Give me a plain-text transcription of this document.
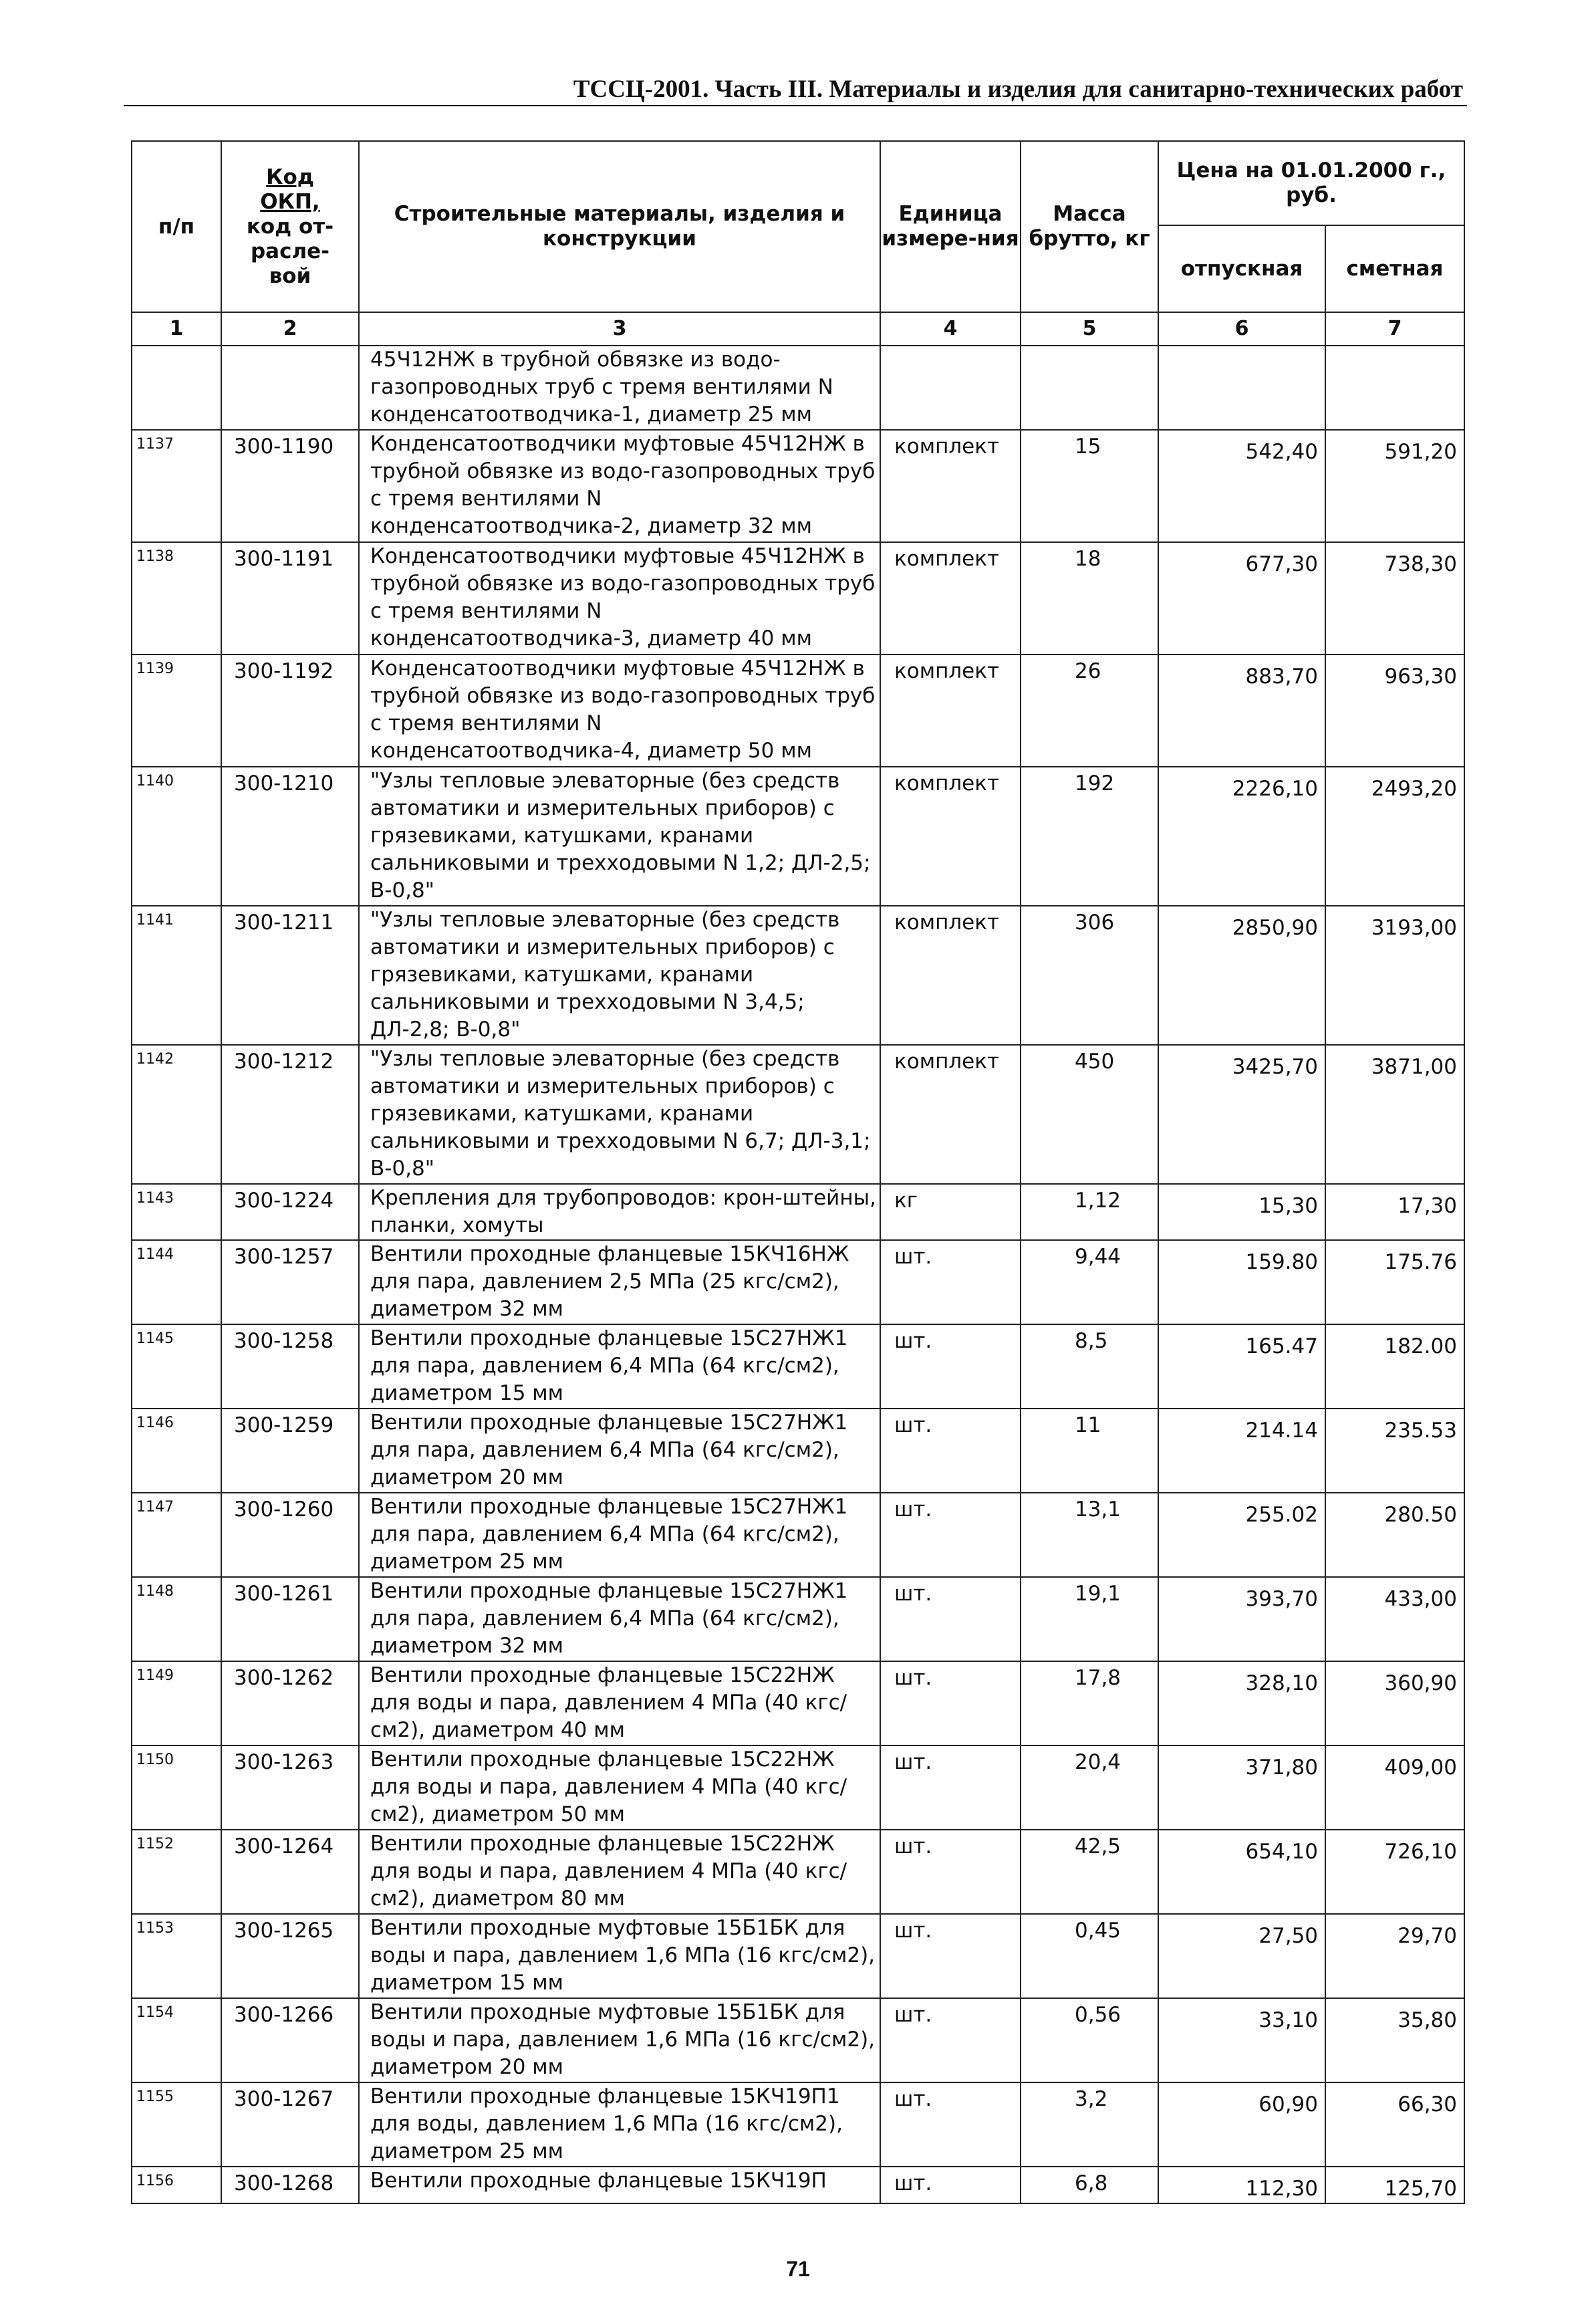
ТССЦ-2001. Часть III. Материалы и изделия для санитарно-технических работ
п/п	Код
ОКП,
код от-
расле-
вой	Строительные материалы, изделия и конструкции	Единица измере-ния	Масса брутто, кг	Цена на 01.01.2000 г., руб.	
					отпускная	сметная
1	2	3	4	5	6	7
		45Ч12НЖ в трубной обвязке из водо-газопроводных труб с тремя вентилями N конденсатоотводчика-1, диаметр 25 мм				
1137	300-1190	Конденсатоотводчики муфтовые 45Ч12НЖ в трубной обвязке из водо-газопроводных труб с тремя вентилями N конденсатоотводчика-2, диаметр 32 мм	комплект	15	542,40	591,20
1138	300-1191	Конденсатоотводчики муфтовые 45Ч12НЖ в трубной обвязке из водо-газопроводных труб с тремя вентилями N конденсатоотводчика-3, диаметр 40 мм	комплект	18	677,30	738,30
1139	300-1192	Конденсатоотводчики муфтовые 45Ч12НЖ в трубной обвязке из водо-газопроводных труб с тремя вентилями N конденсатоотводчика-4, диаметр 50 мм	комплект	26	883,70	963,30
1140	300-1210	"Узлы тепловые элеваторные (без средств автоматики и измерительных приборов) с грязевиками, катушками, кранами сальниковыми и трехходовыми N 1,2; ДЛ-2,5; В-0,8"	комплект	192	2226,10	2493,20
1141	300-1211	"Узлы тепловые элеваторные (без средств автоматики и измерительных приборов) с грязевиками, катушками, кранами сальниковыми и трехходовыми N 3,4,5; ДЛ-2,8; В-0,8"	комплект	306	2850,90	3193,00
1142	300-1212	"Узлы тепловые элеваторные (без средств автоматики и измерительных приборов) с грязевиками, катушками, кранами сальниковыми и трехходовыми N 6,7; ДЛ-3,1; В-0,8"	комплект	450	3425,70	3871,00
1143	300-1224	Крепления для трубопроводов: крон-штейны, планки, хомуты	кг	1,12	15,30	17,30
1144	300-1257	Вентили проходные фланцевые 15КЧ16НЖ для пара, давлением 2,5 МПа (25 кгс/см2), диаметром 32 мм	шт.	9,44	159.80	175.76
1145	300-1258	Вентили проходные фланцевые 15С27НЖ1 для пара, давлением 6,4 МПа (64 кгс/см2), диаметром 15 мм	шт.	8,5	165.47	182.00
1146	300-1259	Вентили проходные фланцевые 15С27НЖ1 для пара, давлением 6,4 МПа (64 кгс/см2), диаметром 20 мм	шт.	11	214.14	235.53
1147	300-1260	Вентили проходные фланцевые 15С27НЖ1 для пара, давлением 6,4 МПа (64 кгс/см2), диаметром 25 мм	шт.	13,1	255.02	280.50
1148	300-1261	Вентили проходные фланцевые 15С27НЖ1 для пара, давлением 6,4 МПа (64 кгс/см2), диаметром 32 мм	шт.	19,1	393,70	433,00
1149	300-1262	Вентили проходные фланцевые 15С22НЖ для воды и пара, давлением 4 МПа (40 кгс/см2), диаметром 40 мм	шт.	17,8	328,10	360,90
1150	300-1263	Вентили проходные фланцевые 15С22НЖ для воды и пара, давлением 4 МПа (40 кгс/см2), диаметром 50 мм	шт.	20,4	371,80	409,00
1152	300-1264	Вентили проходные фланцевые 15С22НЖ для воды и пара, давлением 4 МПа (40 кгс/см2), диаметром 80 мм	шт.	42,5	654,10	726,10
1153	300-1265	Вентили проходные муфтовые 15Б1БК для воды и пара, давлением 1,6 МПа (16 кгс/см2), диаметром 15 мм	шт.	0,45	27,50	29,70
1154	300-1266	Вентили проходные муфтовые 15Б1БК для воды и пара, давлением 1,6 МПа (16 кгс/см2), диаметром 20 мм	шт.	0,56	33,10	35,80
1155	300-1267	Вентили проходные фланцевые 15КЧ19П1 для воды, давлением 1,6 МПа (16 кгс/см2), диаметром 25 мм	шт.	3,2	60,90	66,30
1156	300-1268	Вентили проходные фланцевые 15КЧ19П	шт.	6,8	112,30	125,70
71
